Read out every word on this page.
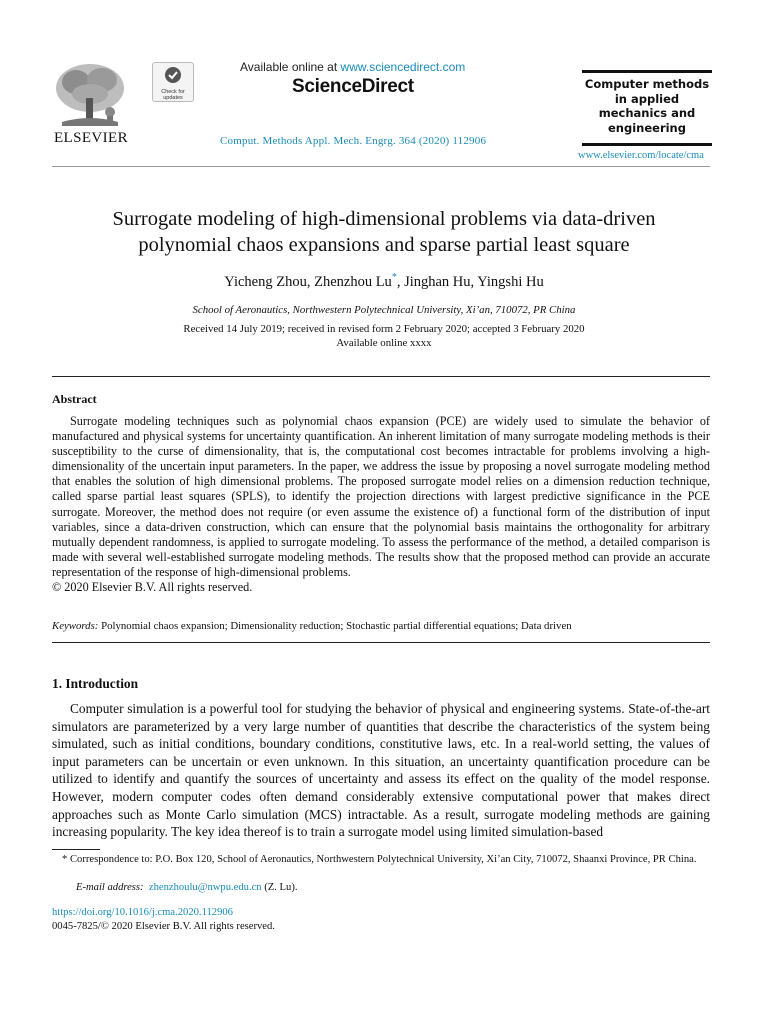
ELSEVIER
Check for updates
Available online at www.sciencedirect.com
ScienceDirect
Comput. Methods Appl. Mech. Engrg. 364 (2020) 112906
Computer methods
in applied
mechanics and
engineering
www.elsevier.com/locate/cma
Surrogate modeling of high-dimensional problems via data-driven
polynomial chaos expansions and sparse partial least square
Yicheng Zhou, Zhenzhou Lu*, Jinghan Hu, Yingshi Hu
School of Aeronautics, Northwestern Polytechnical University, Xi’an, 710072, PR China
Received 14 July 2019; received in revised form 2 February 2020; accepted 3 February 2020
Available online xxxx
Abstract
Surrogate modeling techniques such as polynomial chaos expansion (PCE) are widely used to simulate the behavior of manufactured and physical systems for uncertainty quantification. An inherent limitation of many surrogate modeling methods is their susceptibility to the curse of dimensionality, that is, the computational cost becomes intractable for problems involving a high-dimensionality of the uncertain input parameters. In the paper, we address the issue by proposing a novel surrogate modeling method that enables the solution of high dimensional problems. The proposed surrogate model relies on a dimension reduction technique, called sparse partial least squares (SPLS), to identify the projection directions with largest predictive significance in the PCE surrogate. Moreover, the method does not require (or even assume the existence of) a functional form of the distribution of input variables, since a data-driven construction, which can ensure that the polynomial basis maintains the orthogonality for arbitrary mutually dependent randomness, is applied to surrogate modeling. To assess the performance of the method, a detailed comparison is made with several well-established surrogate modeling methods. The results show that the proposed method can provide an accurate representation of the response of high-dimensional problems.
© 2020 Elsevier B.V. All rights reserved.
Keywords: Polynomial chaos expansion; Dimensionality reduction; Stochastic partial differential equations; Data driven
1. Introduction
Computer simulation is a powerful tool for studying the behavior of physical and engineering systems. State-of-the-art simulators are parameterized by a very large number of quantities that describe the characteristics of the system being simulated, such as initial conditions, boundary conditions, constitutive laws, etc. In a real-world setting, the values of input parameters can be uncertain or even unknown. In this situation, an uncertainty quantification procedure can be utilized to identify and quantify the sources of uncertainty and assess its effect on the quality of the model response. However, modern computer codes often demand considerably extensive computational power that makes direct approaches such as Monte Carlo simulation (MCS) intractable. As a result, surrogate modeling methods are gaining increasing popularity. The key idea thereof is to train a surrogate model using limited simulation-based
* Correspondence to: P.O. Box 120, School of Aeronautics, Northwestern Polytechnical University, Xi’an City, 710072, Shaanxi Province, PR China.
E-mail address: zhenzhoulu@nwpu.edu.cn (Z. Lu).
https://doi.org/10.1016/j.cma.2020.112906
0045-7825/© 2020 Elsevier B.V. All rights reserved.
